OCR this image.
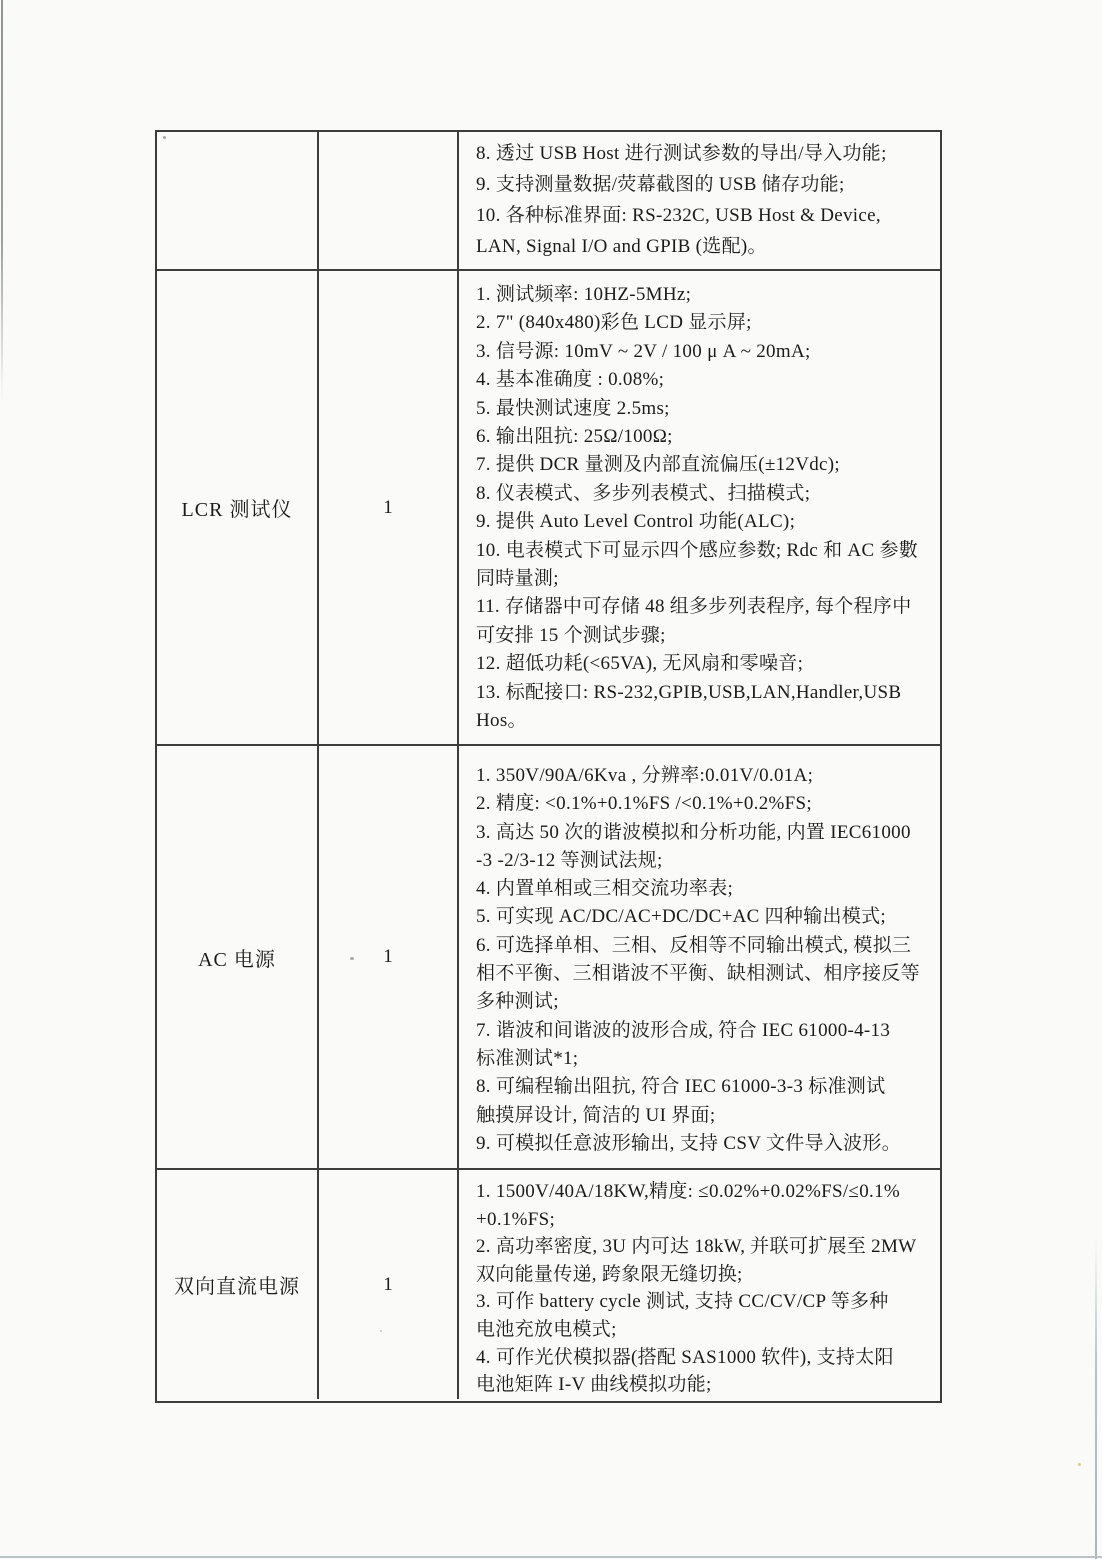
8. 透过 USB Host 进行测试参数的导出/导入功能;
9. 支持测量数据/荧幕截图的 USB 储存功能;
10. 各种标准界面: RS-232C, USB Host & Device,
LAN, Signal I/O and GPIB (选配)。
LCR 测试仪	1
1. 测试频率: 10HZ-5MHz;
2. 7" (840x480)彩色 LCD 显示屏;
3. 信号源: 10mV ~ 2V / 100 μ A ~ 20mA;
4. 基本准确度 : 0.08%;
5. 最快测试速度 2.5ms;
6. 输出阻抗: 25Ω/100Ω;
7. 提供 DCR 量测及内部直流偏压(±12Vdc);
8. 仪表模式、多步列表模式、扫描模式;
9. 提供 Auto Level Control 功能(ALC);
10. 电表模式下可显示四个感应参数; Rdc 和 AC 参數
同時量測;
11. 存储器中可存储 48 组多步列表程序, 每个程序中
可安排 15 个测试步骤;
12. 超低功耗(<65VA), 无风扇和零噪音;
13. 标配接口: RS-232,GPIB,USB,LAN,Handler,USB
Hos。
AC 电源	1
1. 350V/90A/6Kva , 分辨率:0.01V/0.01A;
2. 精度: <0.1%+0.1%FS /<0.1%+0.2%FS;
3. 高达 50 次的谐波模拟和分析功能, 内置 IEC61000
-3 -2/3-12 等测试法规;
4. 内置单相或三相交流功率表;
5. 可实现 AC/DC/AC+DC/DC+AC 四种输出模式;
6. 可选择单相、三相、反相等不同输出模式, 模拟三
相不平衡、三相谐波不平衡、缺相测试、相序接反等
多种测试;
7. 谐波和间谐波的波形合成, 符合 IEC 61000-4-13
标准测试*1;
8. 可编程输出阻抗, 符合 IEC 61000-3-3 标准测试
触摸屏设计, 简洁的 UI 界面;
9. 可模拟任意波形输出, 支持 CSV 文件导入波形。
双向直流电源	1
1. 1500V/40A/18KW,精度: ≤0.02%+0.02%FS/≤0.1%
+0.1%FS;
2. 高功率密度, 3U 内可达 18kW, 并联可扩展至 2MW
双向能量传递, 跨象限无缝切换;
3. 可作 battery cycle 测试, 支持 CC/CV/CP 等多种
电池充放电模式;
4. 可作光伏模拟器(搭配 SAS1000 软件), 支持太阳
电池矩阵 I-V 曲线模拟功能;
